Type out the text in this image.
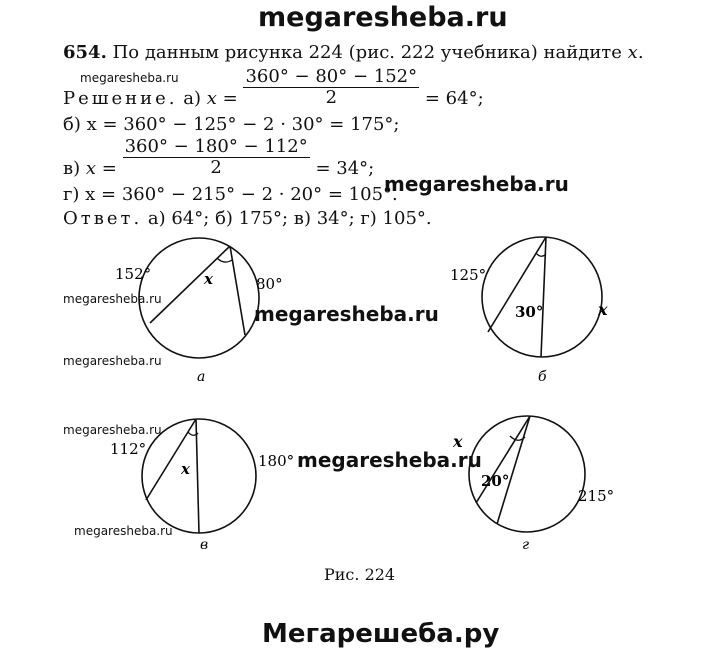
megaresheba.ru
654. По данным рисунка 224 (рис. 222 учебника) найдите x.
megaresheba.ru
Решение. а) $x = \frac{360^\circ - 80^\circ - 152^\circ}{2} = 64^\circ$;
б) x = 360° − 125° − 2 · 30° = 175°;
в) $x = \frac{360^\circ - 180^\circ - 112^\circ}{2} = 34^\circ$;
г) x = 360° − 215° − 2 · 20° = 105°.
megaresheba.ru
Ответ. а) 64°; б) 175°; в) 34°; г) 105°.
152°
80°
x
а
125°
30°	x
б
112°
x	180°
в
x
20°
215°
г
megaresheba.ru
megaresheba.ru
megaresheba.ru
megaresheba.ru
megaresheba.ru
megaresheba.ru
Рис. 224
Мегарешеба.ру
